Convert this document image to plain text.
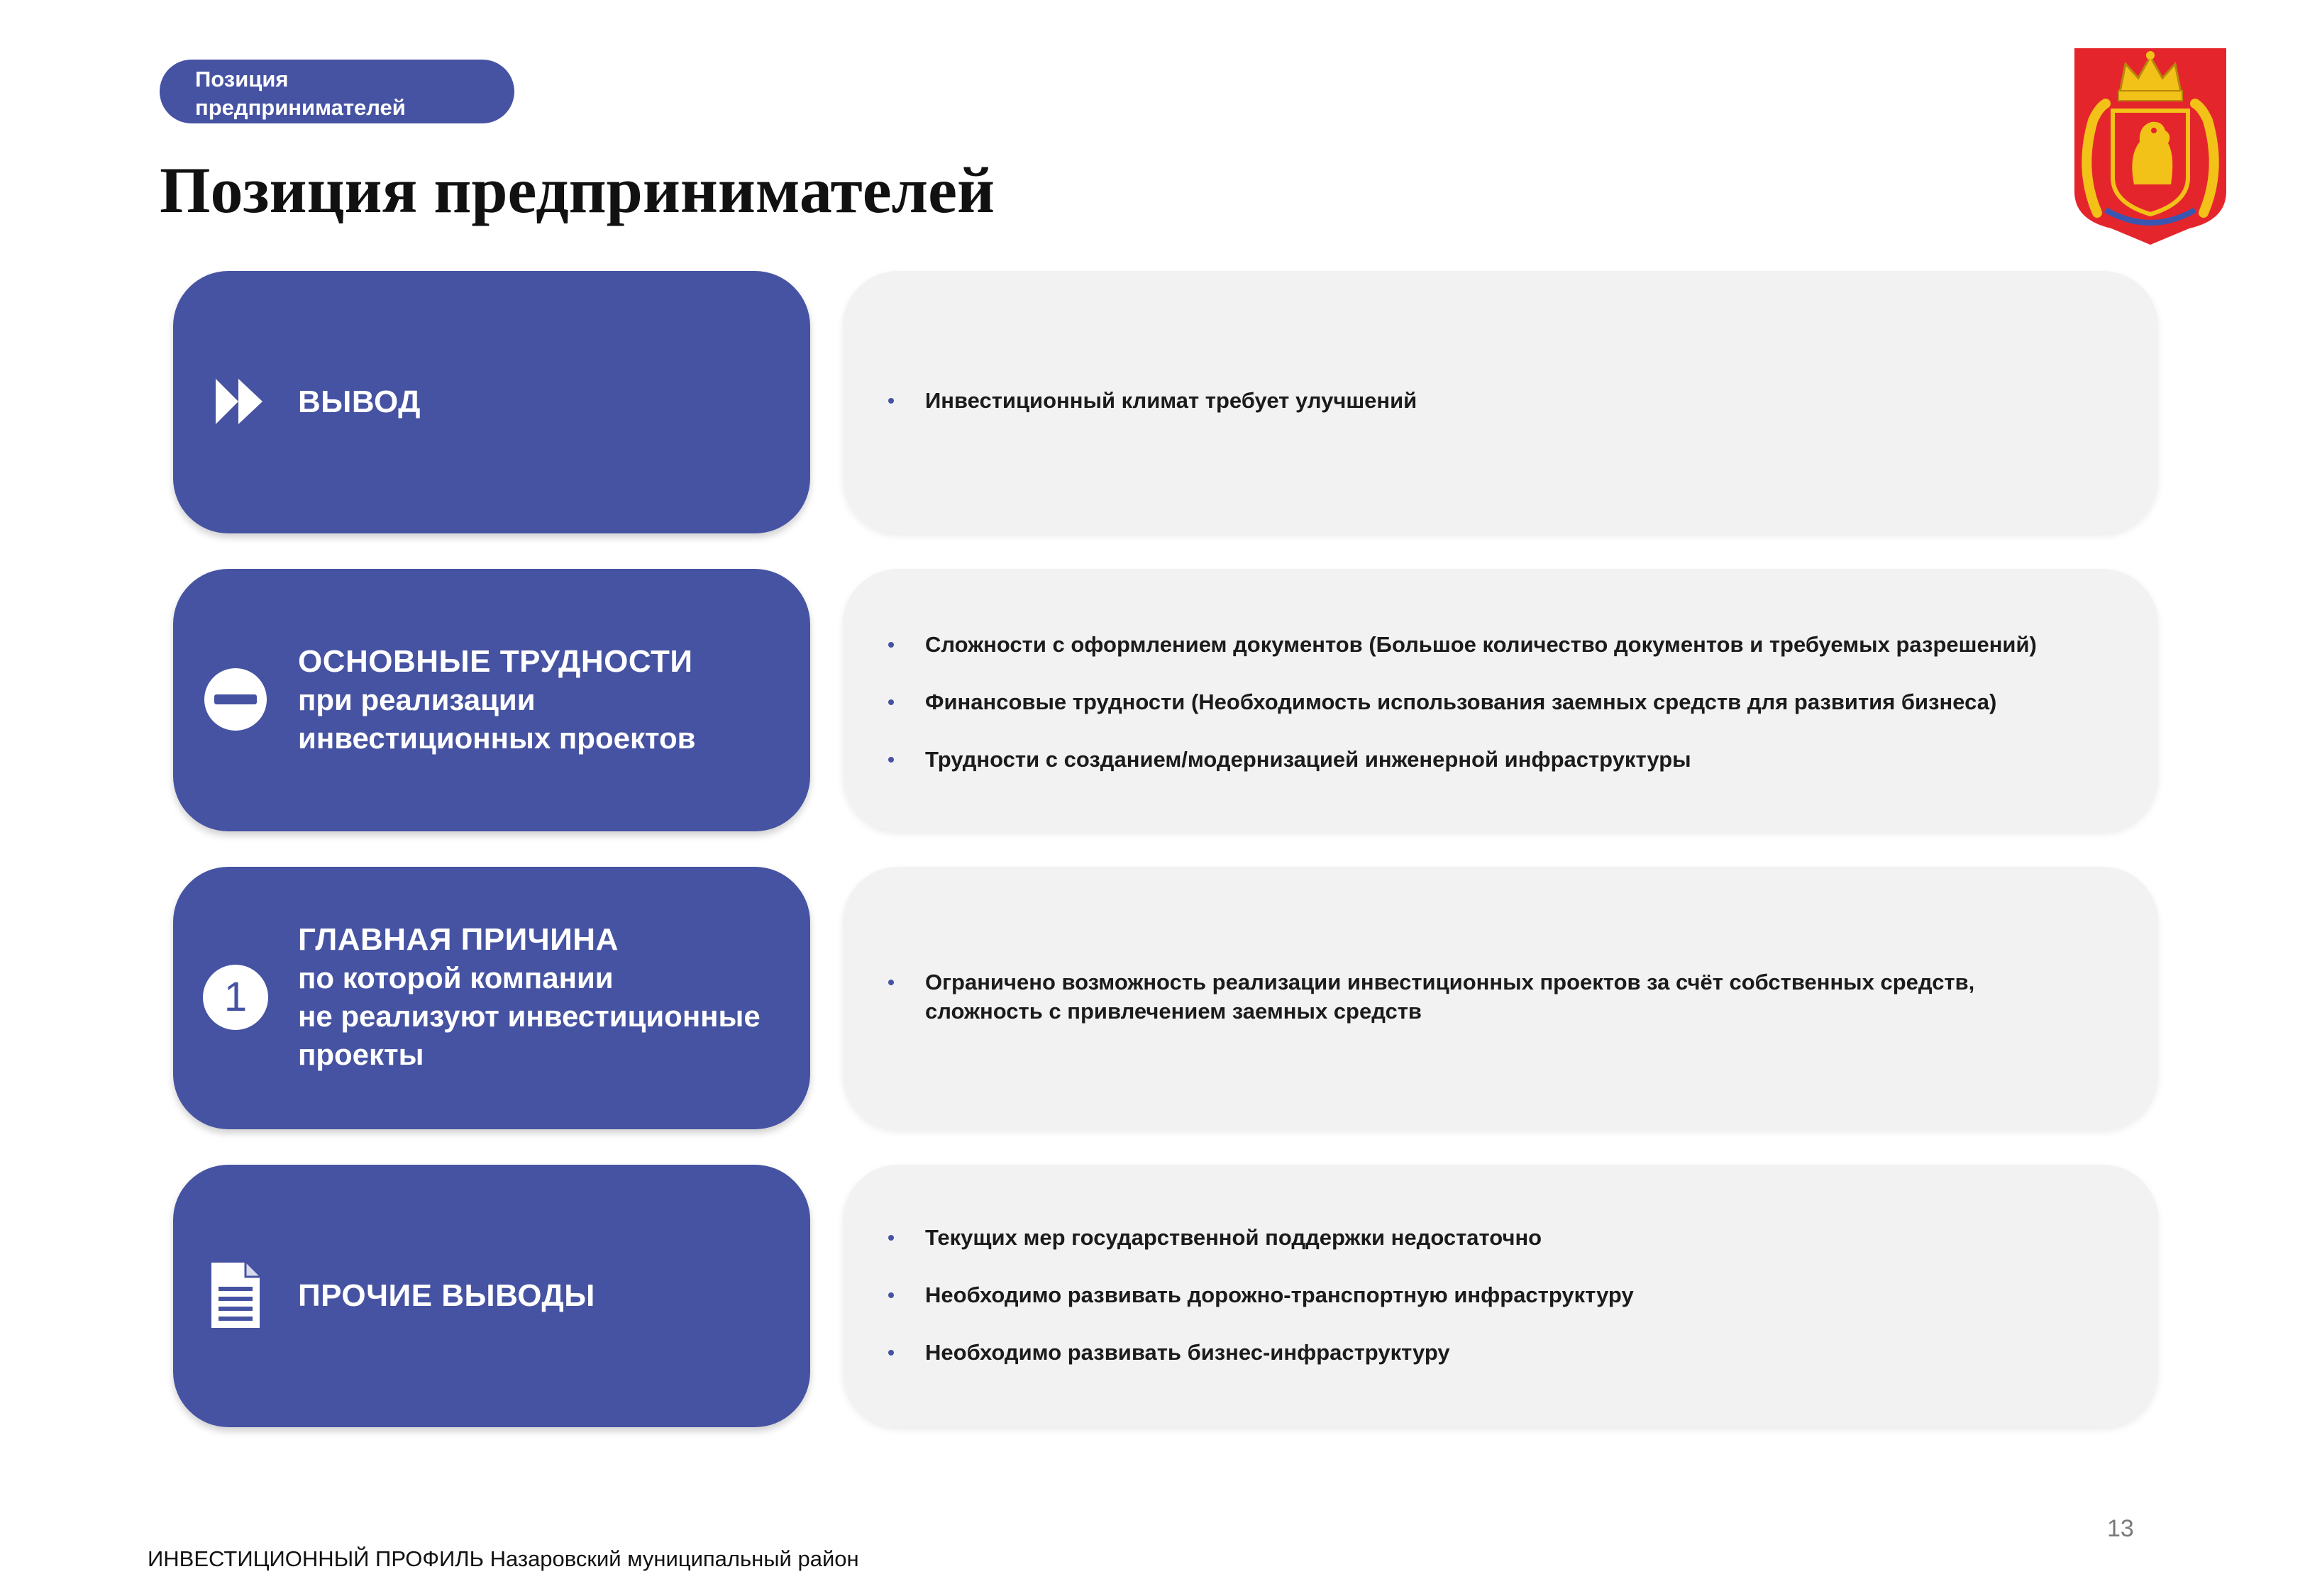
Позиция
предпринимателей
Позиция предпринимателей
ВЫВОД	Инвестиционный климат требует улучшений
ОСНОВНЫЕ ТРУДНОСТИ
при реализации
инвестиционных проектов
Сложности с оформлением документов (Большое количество документов и требуемых разрешений)
Финансовые трудности (Необходимость использования заемных средств для развития бизнеса)
Трудности с созданием/модернизацией инженерной инфраструктуры
1
ГЛАВНАЯ ПРИЧИНА
по которой компании
не реализуют инвестиционные
проекты
Ограничено возможность реализации инвестиционных проектов за счёт собственных средств, сложность с привлечением заемных средств
ПРОЧИЕ ВЫВОДЫ
Текущих мер государственной поддержки недостаточно
Необходимо развивать дорожно-транспортную инфраструктуру
Необходимо развивать бизнес-инфраструктуру
13
ИНВЕСТИЦИОННЫЙ ПРОФИЛЬ Назаровский муниципальный район
